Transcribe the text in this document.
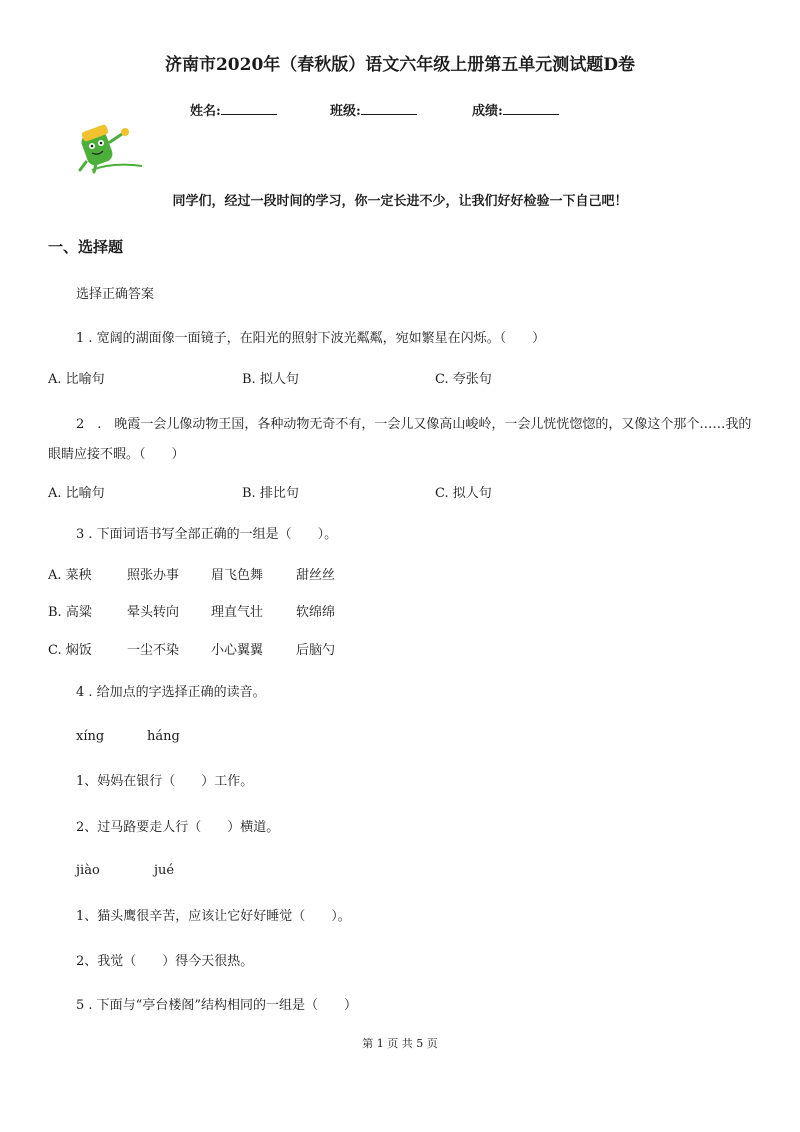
济南市2020年（春秋版）语文六年级上册第五单元测试题D卷
姓名:	班级:	成绩:
同学们，经过一段时间的学习，你一定长进不少，让我们好好检验一下自己吧！
一、选择题
选择正确答案
1 . 宽阔的湖面像一面镜子，在阳光的照射下波光粼粼，宛如繁星在闪烁。（　　）
A. 比喻句	B. 拟人句	C. 夸张句
2　.　晚霞一会儿像动物王国，各种动物无奇不有，一会儿又像高山峻岭，一会儿恍恍惚惚的，又像这个那个……我的眼睛应接不暇。（　　）
A. 比喻句	B. 排比句	C. 拟人句
3 . 下面词语书写全部正确的一组是（　　）。
A. 菜秧	照张办事 眉飞色舞	甜丝丝
B. 高粱	晕头转向 理直气壮	软绵绵
C. 焖饭	一尘不染 小心翼翼	后脑勺
4 . 给加点的字选择正确的读音。
xíng	háng
1、妈妈在银行（　　）工作。
2、过马路要走人行（　　）横道。
jiào	jué
1、猫头鹰很辛苦，应该让它好好睡觉（　　）。
2、我觉（　　）得今天很热。
5 . 下面与“亭台楼阁”结构相同的一组是（　　）
第 1 页 共 5 页
